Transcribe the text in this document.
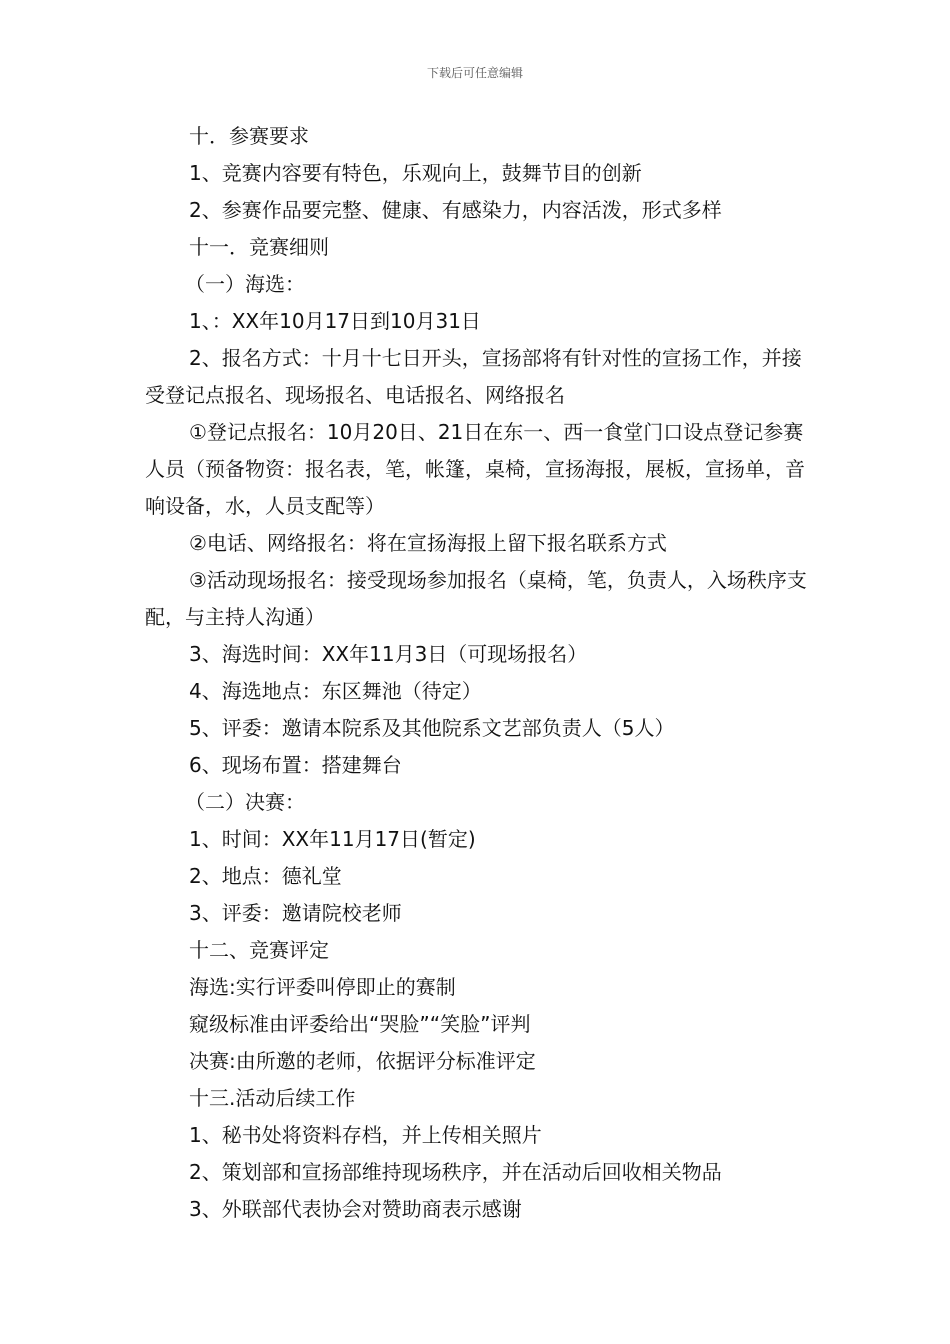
下载后可任意编辑
十．参赛要求
1、竞赛内容要有特色，乐观向上，鼓舞节目的创新
2、参赛作品要完整、健康、有感染力，内容活泼，形式多样
十一．竞赛细则
（一）海选：
1、：XX年10月17日到10月31日
2、报名方式：十月十七日开头，宣扬部将有针对性的宣扬工作，并接受登记点报名、现场报名、电话报名、网络报名
①登记点报名：10月20日、21日在东一、西一食堂门口设点登记参赛人员（预备物资：报名表，笔，帐篷，桌椅，宣扬海报，展板，宣扬单，音响设备，水，人员支配等）
②电话、网络报名：将在宣扬海报上留下报名联系方式
③活动现场报名：接受现场参加报名（桌椅，笔，负责人，入场秩序支配，与主持人沟通）
3、海选时间：XX年11月3日（可现场报名）
4、海选地点：东区舞池（待定）
5、评委：邀请本院系及其他院系文艺部负责人（5人）
6、现场布置：搭建舞台
（二）决赛：
1、时间：XX年11月17日(暂定)
2、地点：德礼堂
3、评委：邀请院校老师
十二、竞赛评定
海选:实行评委叫停即止的赛制
窥级标准由评委给出“哭脸”“笑脸”评判
决赛:由所邀的老师，依据评分标准评定
十三.活动后续工作
1、秘书处将资料存档，并上传相关照片
2、策划部和宣扬部维持现场秩序，并在活动后回收相关物品
3、外联部代表协会对赞助商表示感谢
